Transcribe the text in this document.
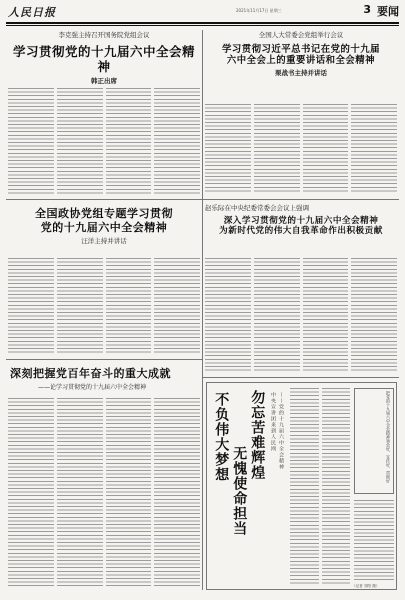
人民日报	2021年11月17日 星期三	3 要闻
李克强主持召开国务院党组会议
学习贯彻党的十九届六中全会精神
韩正出席
全国人大常委会党组举行会议
学习贯彻习近平总书记在党的十九届
六中全会上的重要讲话和全会精神
栗战书主持并讲话
全国政协党组专题学习贯彻
党的十九届六中全会精神
汪洋主持并讲话
赵乐际在中央纪委常委会会议上强调
深入学习贯彻党的十九届六中全会精神
为新时代党的伟大自我革命作出积极贡献
深刻把握党百年奋斗的重大成就
——论学习贯彻党的十九届六中全会精神
不负伟大梦想
无愧使命担当
勿忘苦难辉煌 中央宣讲团来到人民网 ——党的十九届六中全会精神	把党的十九届六中全会精神领会好、宣传好、贯彻好
（记者 刘阳 摄）
